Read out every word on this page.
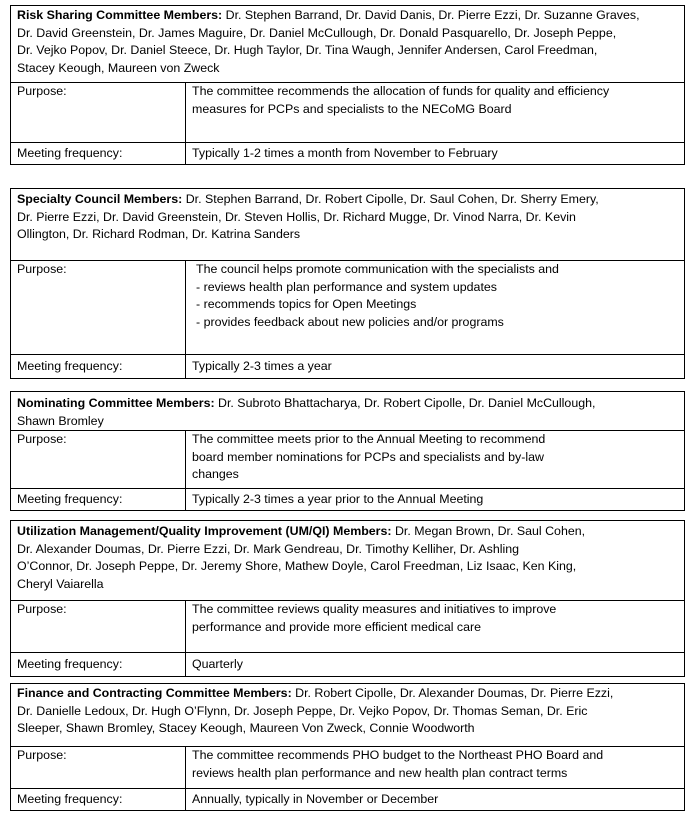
Risk Sharing Committee Members: Dr. Stephen Barrand, Dr. David Danis, Dr. Pierre Ezzi, Dr. Suzanne Graves,
Dr. David Greenstein, Dr. James Maguire, Dr. Daniel McCullough, Dr. Donald Pasquarello, Dr. Joseph Peppe,
Dr. Vejko Popov, Dr. Daniel Steece, Dr. Hugh Taylor, Dr. Tina Waugh, Jennifer Andersen, Carol Freedman,
Stacey Keough, Maureen von Zweck
Purpose:	The committee recommends the allocation of funds for quality and efficiency
measures for PCPs and specialists to the NECoMG Board
Meeting frequency:	Typically 1-2 times a month from November to February
Specialty Council Members: Dr. Stephen Barrand, Dr. Robert Cipolle, Dr. Saul Cohen, Dr. Sherry Emery,
Dr. Pierre Ezzi, Dr. David Greenstein, Dr. Steven Hollis, Dr. Richard Mugge, Dr. Vinod Narra, Dr. Kevin
Ollington, Dr. Richard Rodman, Dr. Katrina Sanders
Purpose:	The council helps promote communication with the specialists and
- reviews health plan performance and system updates
- recommends topics for Open Meetings
- provides feedback about new policies and/or programs
Meeting frequency:	Typically 2-3 times a year
Nominating Committee Members: Dr. Subroto Bhattacharya, Dr. Robert Cipolle, Dr. Daniel McCullough,
Shawn Bromley
Purpose:	The committee meets prior to the Annual Meeting to recommend
board member nominations for PCPs and specialists and by-law
changes
Meeting frequency:	Typically 2-3 times a year prior to the Annual Meeting
Utilization Management/Quality Improvement (UM/QI) Members: Dr. Megan Brown, Dr. Saul Cohen,
Dr. Alexander Doumas, Dr. Pierre Ezzi, Dr. Mark Gendreau, Dr. Timothy Kelliher, Dr. Ashling
O’Connor, Dr. Joseph Peppe, Dr. Jeremy Shore, Mathew Doyle, Carol Freedman, Liz Isaac, Ken King,
Cheryl Vaiarella
Purpose:	The committee reviews quality measures and initiatives to improve
performance and provide more efficient medical care
Meeting frequency:	Quarterly
Finance and Contracting Committee Members: Dr. Robert Cipolle, Dr. Alexander Doumas, Dr. Pierre Ezzi,
Dr. Danielle Ledoux, Dr. Hugh O’Flynn, Dr. Joseph Peppe, Dr. Vejko Popov, Dr. Thomas Seman, Dr. Eric
Sleeper, Shawn Bromley, Stacey Keough, Maureen Von Zweck, Connie Woodworth
Purpose:	The committee recommends PHO budget to the Northeast PHO Board and
reviews health plan performance and new health plan contract terms
Meeting frequency:	Annually, typically in November or December
